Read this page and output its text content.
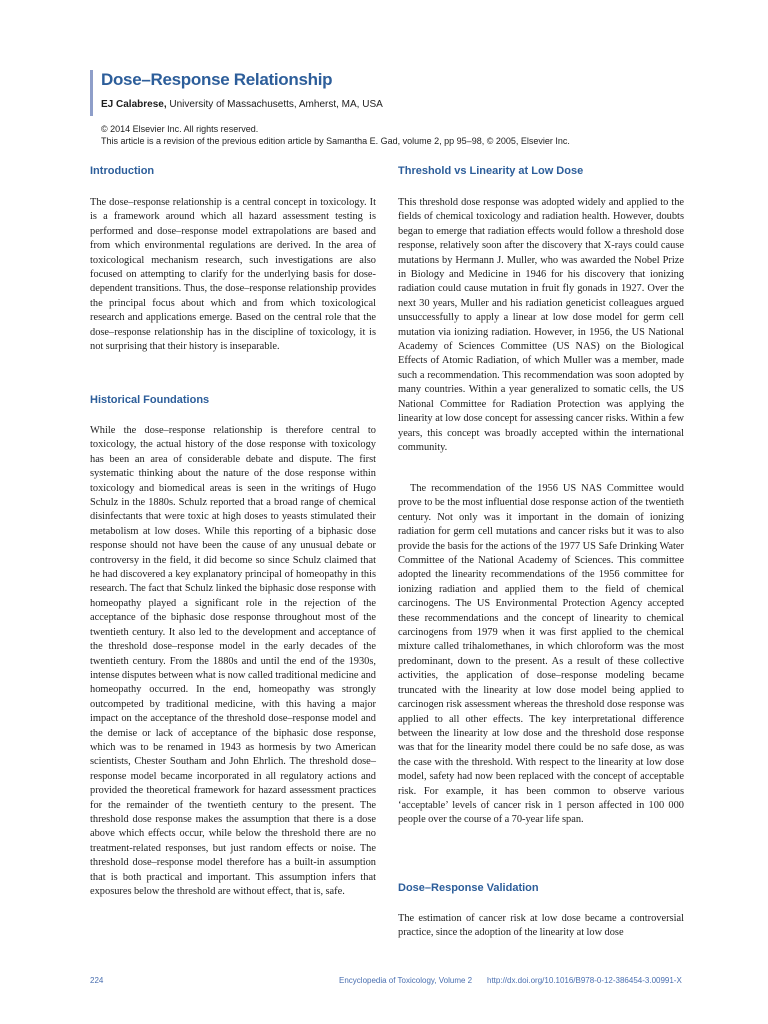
Dose–Response Relationship

EJ Calabrese, University of Massachusetts, Amherst, MA, USA

© 2014 Elsevier Inc. All rights reserved.
This article is a revision of the previous edition article by Samantha E. Gad, volume 2, pp 95–98, © 2005, Elsevier Inc.
Introduction

The dose–response relationship is a central concept in toxicology. It is a framework around which all hazard assessment testing is performed and dose–response model extrapolations are based and from which environmental regulations are derived. In the area of toxicological mechanism research, such investigations are also focused on attempting to clarify for the underlying basis for dose-dependent transitions. Thus, the dose–response relationship provides the principal focus about which and from which toxicological research and applications emerge. Based on the central role that the dose–response relationship has in the discipline of toxicology, it is not surprising that their history is inseparable.

Historical Foundations

While the dose–response relationship is therefore central to toxicology, the actual history of the dose response with toxicology has been an area of considerable debate and dispute. The first systematic thinking about the nature of the dose response within toxicology and biomedical areas is seen in the writings of Hugo Schulz in the 1880s. Schulz reported that a broad range of chemical disinfectants that were toxic at high doses to yeasts stimulated their metabolism at low doses. While this reporting of a biphasic dose response should not have been the cause of any unusual debate or controversy in the field, it did become so since Schulz claimed that he had discovered a key explanatory principal of homeopathy in this research. The fact that Schulz linked the biphasic dose response with homeopathy played a significant role in the rejection of the acceptance of the biphasic dose response throughout most of the twentieth century. It also led to the development and acceptance of the threshold dose–response model in the early decades of the twentieth century. From the 1880s and until the end of the 1930s, intense disputes between what is now called traditional medicine and homeopathy occurred. In the end, homeopathy was strongly outcompeted by traditional medicine, with this having a major impact on the acceptance of the threshold dose–response model and the demise or lack of acceptance of the biphasic dose response, which was to be renamed in 1943 as hormesis by two American scientists, Chester Southam and John Ehrlich. The threshold dose–response model became incorporated in all regulatory actions and provided the theoretical framework for hazard assessment practices for the remainder of the twentieth century to the present. The threshold dose response makes the assumption that there is a dose above which effects occur, while below the threshold there are no treatment-related responses, but just random effects or noise. The threshold dose–response model therefore has a built-in assumption that is both practical and important. This assumption infers that exposures below the threshold are without effect, that is, safe.

Threshold vs Linearity at Low Dose

This threshold dose response was adopted widely and applied to the fields of chemical toxicology and radiation health. However, doubts began to emerge that radiation effects would follow a threshold dose response, relatively soon after the discovery that X-rays could cause mutations by Hermann J. Muller, who was awarded the Nobel Prize in Biology and Medicine in 1946 for his discovery that ionizing radiation could cause mutation in fruit fly gonads in 1927. Over the next 30 years, Muller and his radiation geneticist colleagues argued unsuccessfully to apply a linear at low dose model for germ cell mutation via ionizing radiation. However, in 1956, the US National Academy of Sciences Committee (US NAS) on the Biological Effects of Atomic Radiation, of which Muller was a member, made such a recommendation. This recommendation was soon adopted by many countries. Within a year generalized to somatic cells, the US National Committee for Radiation Protection was applying the linearity at low dose concept for assessing cancer risks. Within a few years, this concept was broadly accepted within the international community.

The recommendation of the 1956 US NAS Committee would prove to be the most influential dose response action of the twentieth century. Not only was it important in the domain of ionizing radiation for germ cell mutations and cancer risks but it was to also provide the basis for the actions of the 1977 US Safe Drinking Water Committee of the National Academy of Sciences. This committee adopted the linearity recommendations of the 1956 committee for ionizing radiation and applied them to the field of chemical carcinogens. The US Environmental Protection Agency accepted these recommendations and the concept of linearity to chemical carcinogens from 1979 when it was first applied to the chemical mixture called trihalomethanes, in which chloroform was the most predominant, down to the present. As a result of these collective activities, the application of dose–response modeling became truncated with the linearity at low dose model being applied to carcinogen risk assessment whereas the threshold dose response was applied to all other effects. The key interpretational difference between the linearity at low dose and the threshold dose response was that for the linearity model there could be no safe dose, as was the case with the threshold. With respect to the linearity at low dose model, safety had now been replaced with the concept of acceptable risk. For example, it has been common to observe various ‘acceptable’ levels of cancer risk in 1 person affected in 100 000 people over the course of a 70-year life span.

Dose–Response Validation

The estimation of cancer risk at low dose became a controversial practice, since the adoption of the linearity at low dose

224	Encyclopedia of Toxicology, Volume 2 http://dx.doi.org/10.1016/B978-0-12-386454-3.00991-X
